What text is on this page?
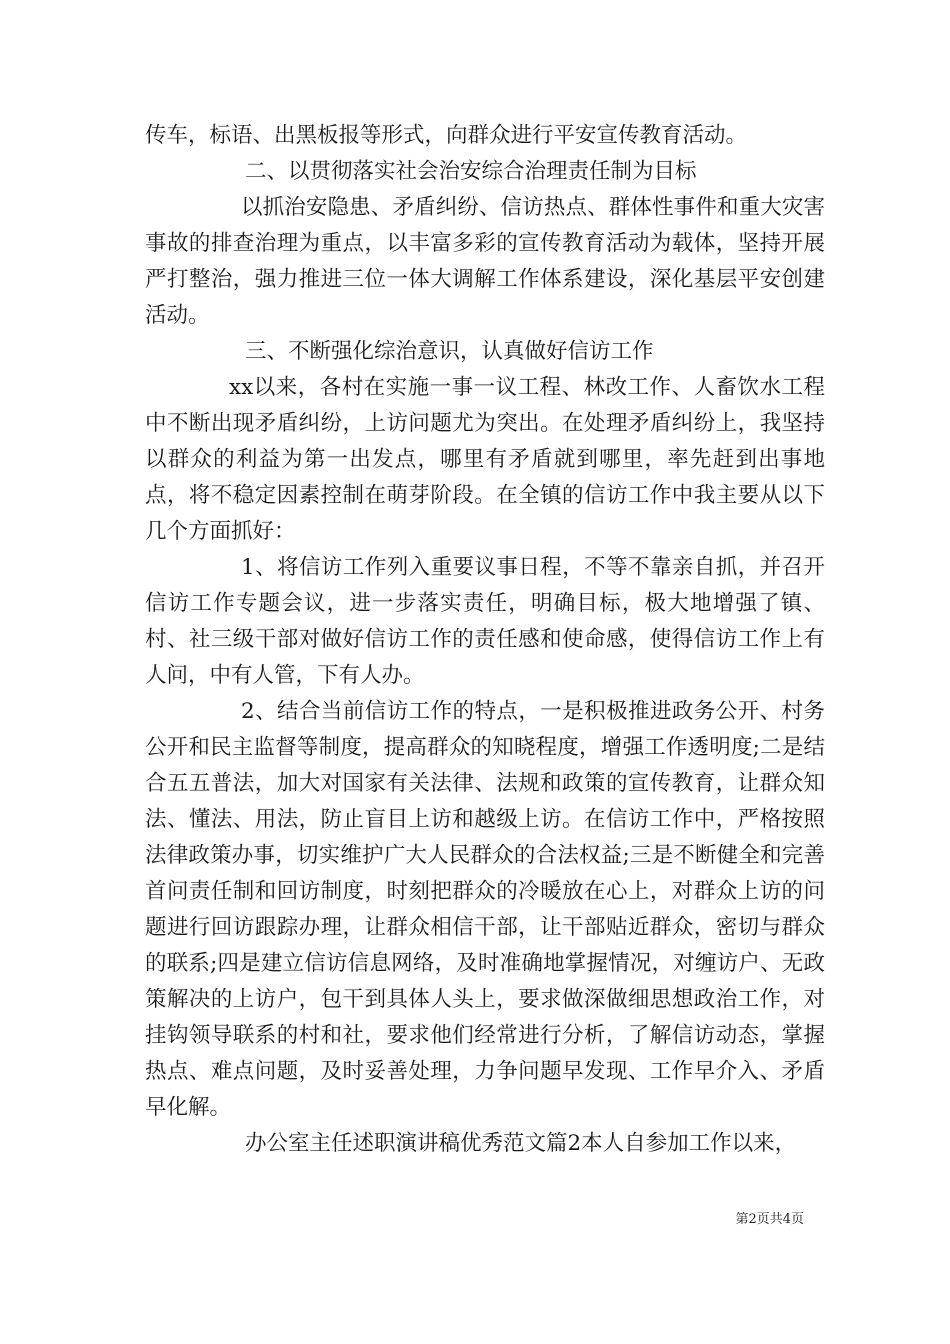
传车，标语、出黑板报等形式，向群众进行平安宣传教育活动。

二、以贯彻落实社会治安综合治理责任制为目标

以抓治安隐患、矛盾纠纷、信访热点、群体性事件和重大灾害事故的排查治理为重点，以丰富多彩的宣传教育活动为载体，坚持开展严打整治，强力推进三位一体大调解工作体系建设，深化基层平安创建活动。

三、不断强化综治意识，认真做好信访工作

xx以来，各村在实施一事一议工程、林改工作、人畜饮水工程中不断出现矛盾纠纷，上访问题尤为突出。在处理矛盾纠纷上，我坚持以群众的利益为第一出发点，哪里有矛盾就到哪里，率先赶到出事地点，将不稳定因素控制在萌芽阶段。在全镇的信访工作中我主要从以下几个方面抓好：

1、将信访工作列入重要议事日程，不等不靠亲自抓，并召开信访工作专题会议，进一步落实责任，明确目标，极大地增强了镇、村、社三级干部对做好信访工作的责任感和使命感，使得信访工作上有人问，中有人管，下有人办。

2、结合当前信访工作的特点，一是积极推进政务公开、村务公开和民主监督等制度，提高群众的知晓程度，增强工作透明度;二是结合五五普法，加大对国家有关法律、法规和政策的宣传教育，让群众知法、懂法、用法，防止盲目上访和越级上访。在信访工作中，严格按照法律政策办事，切实维护广大人民群众的合法权益;三是不断健全和完善首问责任制和回访制度，时刻把群众的冷暖放在心上，对群众上访的问题进行回访跟踪办理，让群众相信干部，让干部贴近群众，密切与群众的联系;四是建立信访信息网络，及时准确地掌握情况，对缠访户、无政策解决的上访户，包干到具体人头上，要求做深做细思想政治工作，对挂钩领导联系的村和社，要求他们经常进行分析，了解信访动态，掌握热点、难点问题，及时妥善处理，力争问题早发现、工作早介入、矛盾早化解。

办公室主任述职演讲稿优秀范文篇2本人自参加工作以来，

第2页共4页
